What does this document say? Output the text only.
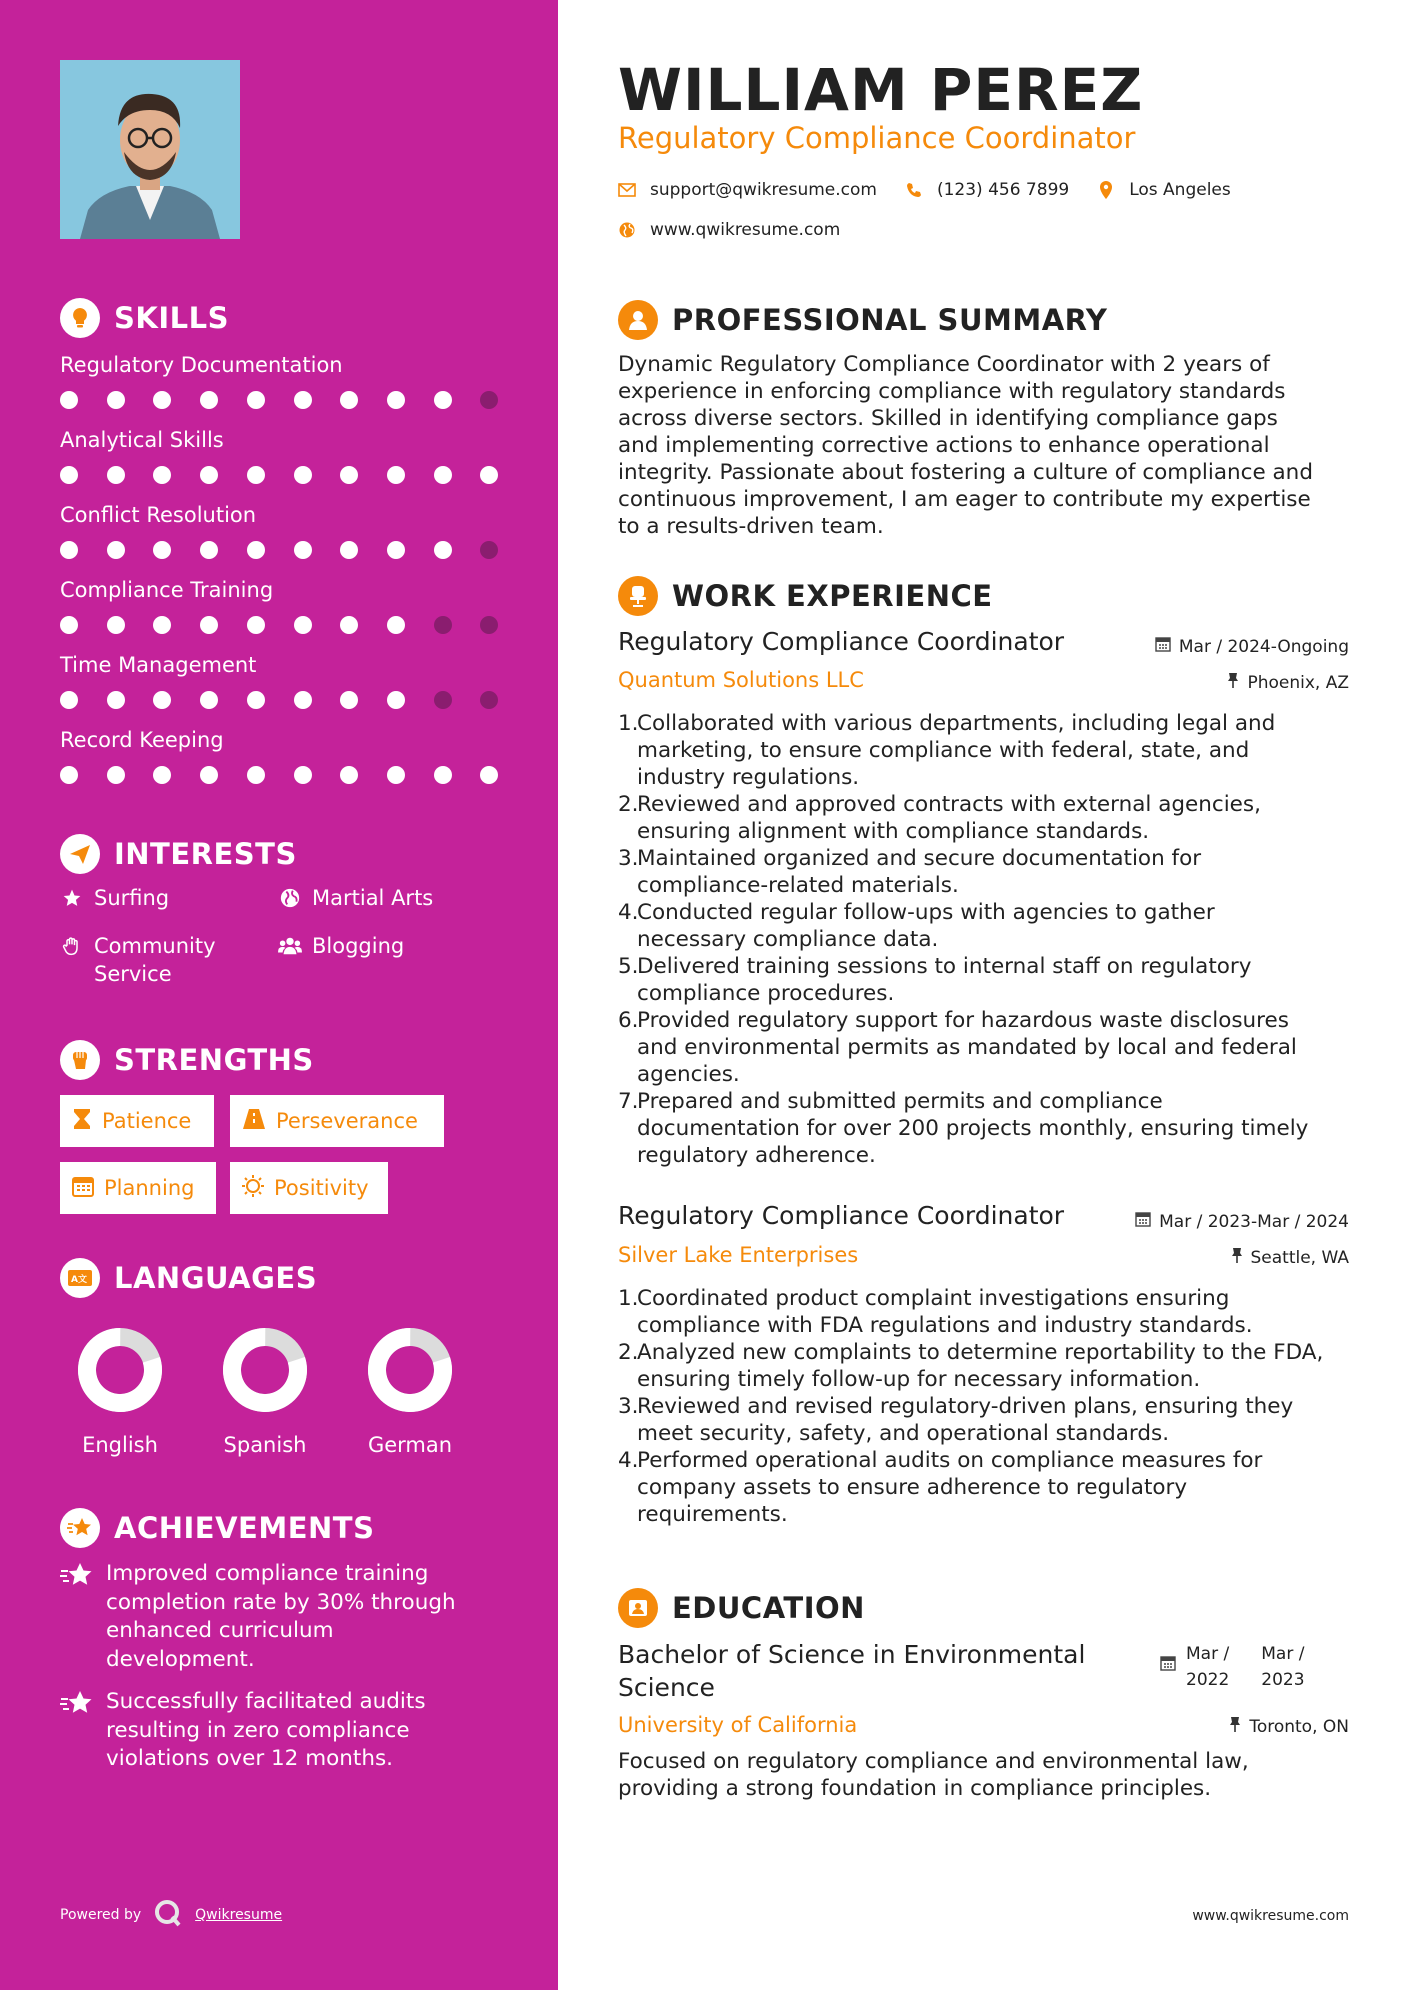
SKILLS
Regulatory Documentation
Analytical Skills
Conflict Resolution
Compliance Training
Time Management
Record Keeping
INTERESTS
Surfing	Martial Arts
Community
Service
Blogging
STRENGTHS
Patience	Perseverance
Planning	Positivity
A文 LANGUAGES
English	Spanish	German
ACHIEVEMENTS
Improved compliance training
completion rate by 30% through
enhanced curriculum
development.
Successfully facilitated audits
resulting in zero compliance
violations over 12 months.
Powered by	Qwikresume
WILLIAM PEREZ
Regulatory Compliance Coordinator
support@qwikresume.com	(123) 456 7899	Los Angeles
www.qwikresume.com
PROFESSIONAL SUMMARY
Dynamic Regulatory Compliance Coordinator with 2 years of
experience in enforcing compliance with regulatory standards
across diverse sectors. Skilled in identifying compliance gaps
and implementing corrective actions to enhance operational
integrity. Passionate about fostering a culture of compliance and
continuous improvement, I am eager to contribute my expertise
to a results-driven team.
WORK EXPERIENCE
Regulatory Compliance Coordinator	Mar / 2024-Ongoing
Quantum Solutions LLC	Phoenix, AZ
1.
Collaborated with various departments, including legal and
marketing, to ensure compliance with federal, state, and
industry regulations.
2.
Reviewed and approved contracts with external agencies,
ensuring alignment with compliance standards.
3.
Maintained organized and secure documentation for
compliance-related materials.
4.
Conducted regular follow-ups with agencies to gather
necessary compliance data.
5.
Delivered training sessions to internal staff on regulatory
compliance procedures.
6.
Provided regulatory support for hazardous waste disclosures
and environmental permits as mandated by local and federal
agencies.
7.
Prepared and submitted permits and compliance
documentation for over 200 projects monthly, ensuring timely
regulatory adherence.
Regulatory Compliance Coordinator	Mar / 2023-Mar / 2024
Silver Lake Enterprises	Seattle, WA
1.
Coordinated product complaint investigations ensuring
compliance with FDA regulations and industry standards.
2.
Analyzed new complaints to determine reportability to the FDA,
ensuring timely follow-up for necessary information.
3.
Reviewed and revised regulatory-driven plans, ensuring they
meet security, safety, and operational standards.
4.
Performed operational audits on compliance measures for
company assets to ensure adherence to regulatory
requirements.
EDUCATION
Bachelor of Science in Environmental
Science
Mar /
2022
Mar /
2023
University of California	Toronto, ON
Focused on regulatory compliance and environmental law,
providing a strong foundation in compliance principles.
www.qwikresume.com
